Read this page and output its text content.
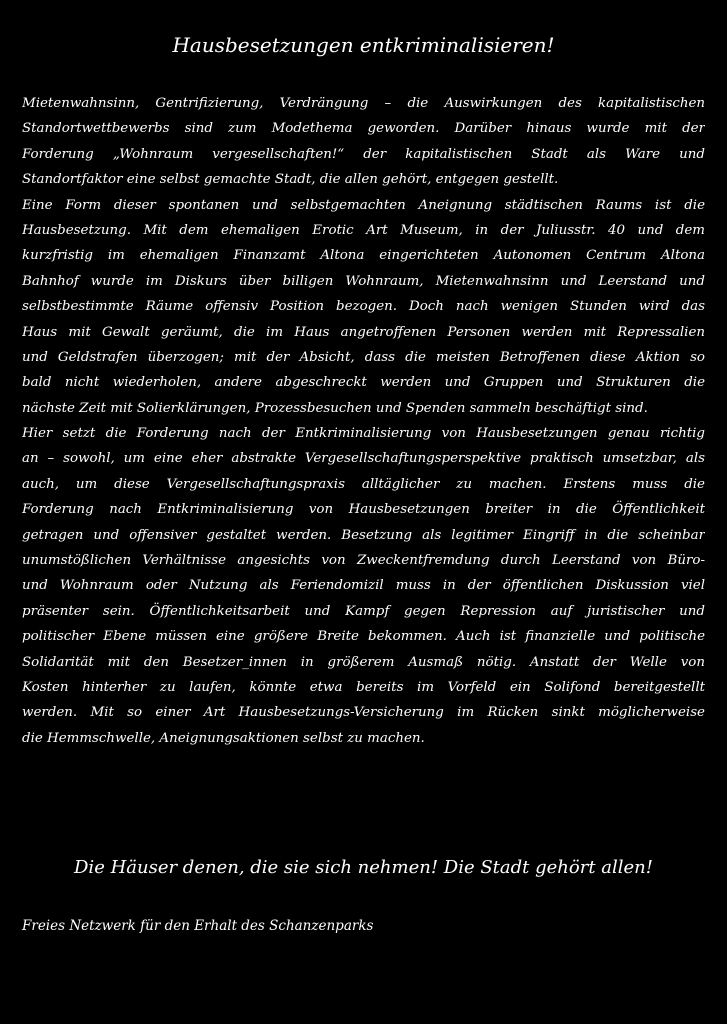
Hausbesetzungen entkriminalisieren!
Mietenwahnsinn, Gentrifizierung, Verdrängung – die Auswirkungen des kapitalistischen
Standortwettbewerbs sind zum Modethema geworden. Darüber hinaus wurde mit der
Forderung „Wohnraum vergesellschaften!“ der kapitalistischen Stadt als Ware und
Standortfaktor eine selbst gemachte Stadt, die allen gehört, entgegen gestellt.
Eine Form dieser spontanen und selbstgemachten Aneignung städtischen Raums ist die
Hausbesetzung. Mit dem ehemaligen Erotic Art Museum, in der Juliusstr. 40 und dem
kurzfristig im ehemaligen Finanzamt Altona eingerichteten Autonomen Centrum Altona
Bahnhof wurde im Diskurs über billigen Wohnraum, Mietenwahnsinn und Leerstand und
selbstbestimmte Räume offensiv Position bezogen. Doch nach wenigen Stunden wird das
Haus mit Gewalt geräumt, die im Haus angetroffenen Personen werden mit Repressalien
und Geldstrafen überzogen; mit der Absicht, dass die meisten Betroffenen diese Aktion so
bald nicht wiederholen, andere abgeschreckt werden und Gruppen und Strukturen die
nächste Zeit mit Solierklärungen, Prozessbesuchen und Spenden sammeln beschäftigt sind.
Hier setzt die Forderung nach der Entkriminalisierung von Hausbesetzungen genau richtig
an – sowohl, um eine eher abstrakte Vergesellschaftungsperspektive praktisch umsetzbar, als
auch, um diese Vergesellschaftungspraxis alltäglicher zu machen. Erstens muss die
Forderung nach Entkriminalisierung von Hausbesetzungen breiter in die Öffentlichkeit
getragen und offensiver gestaltet werden. Besetzung als legitimer Eingriff in die scheinbar
unumstößlichen Verhältnisse angesichts von Zweckentfremdung durch Leerstand von Büro-
und Wohnraum oder Nutzung als Feriendomizil muss in der öffentlichen Diskussion viel
präsenter sein. Öffentlichkeitsarbeit und Kampf gegen Repression auf juristischer und
politischer Ebene müssen eine größere Breite bekommen. Auch ist finanzielle und politische
Solidarität mit den Besetzer_innen in größerem Ausmaß nötig. Anstatt der Welle von
Kosten hinterher zu laufen, könnte etwa bereits im Vorfeld ein Solifond bereitgestellt
werden. Mit so einer Art Hausbesetzungs-Versicherung im Rücken sinkt möglicherweise
die Hemmschwelle, Aneignungsaktionen selbst zu machen.
Die Häuser denen, die sie sich nehmen! Die Stadt gehört allen!
Freies Netzwerk für den Erhalt des Schanzenparks
